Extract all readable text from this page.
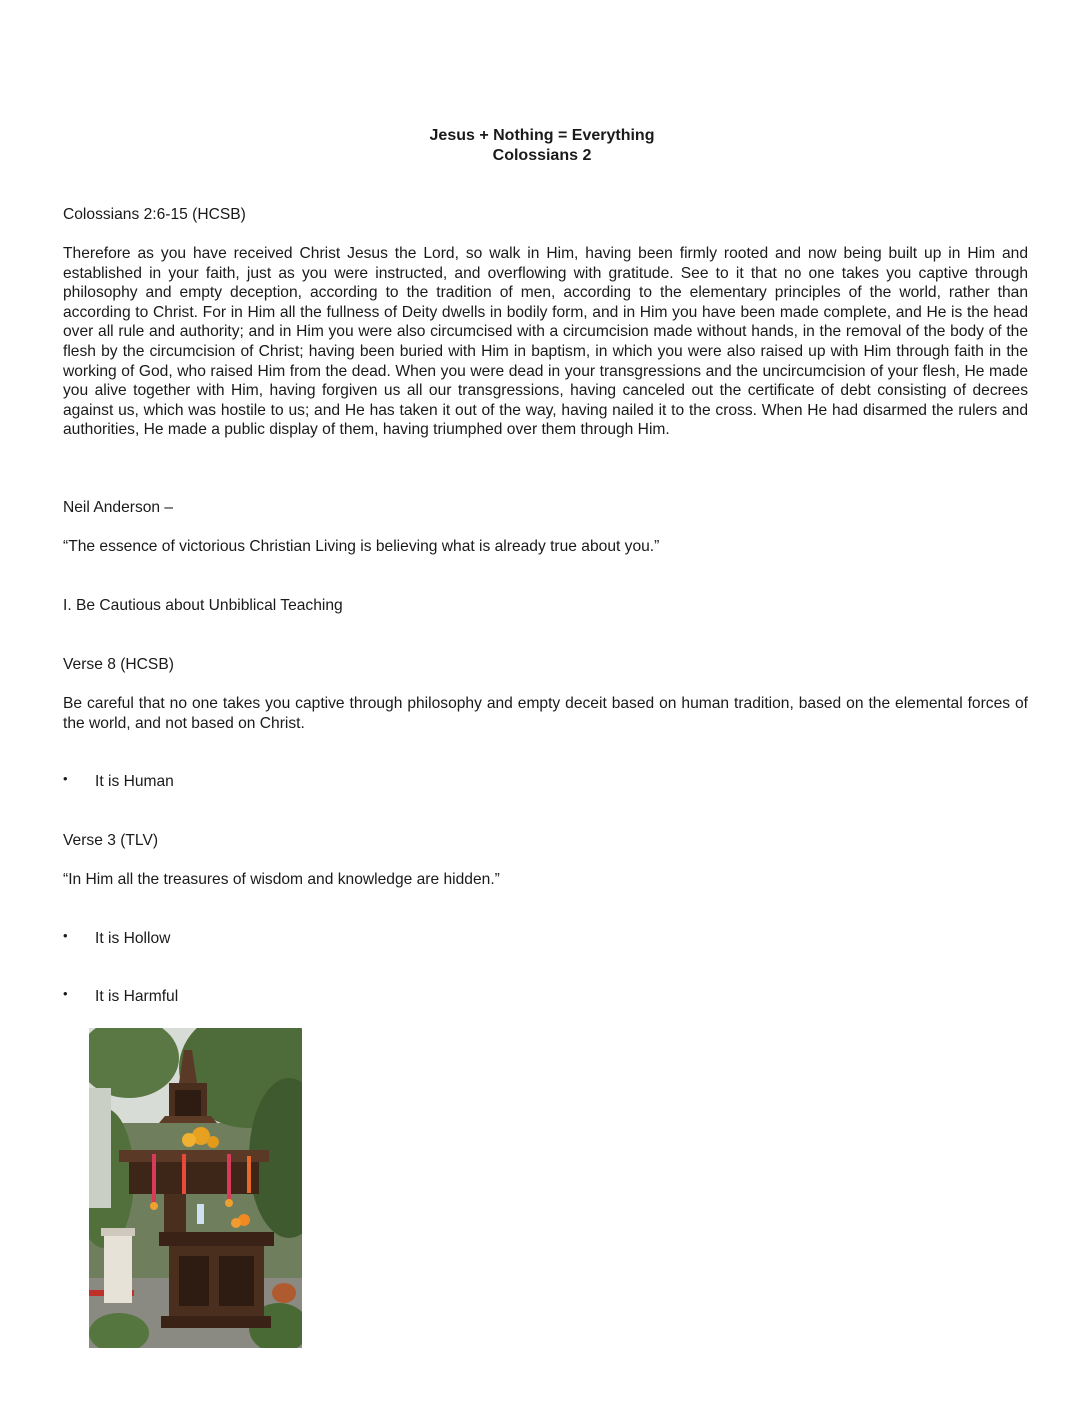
Jesus + Nothing = Everything
Colossians 2
Colossians 2:6-15 (HCSB)
Therefore as you have received Christ Jesus the Lord, so walk in Him, having been firmly rooted and now being built up in Him and established in your faith, just as you were instructed, and overflowing with gratitude. See to it that no one takes you captive through philosophy and empty deception, according to the tradition of men, according to the elementary principles of the world, rather than according to Christ. For in Him all the fullness of Deity dwells in bodily form, and in Him you have been made complete, and He is the head over all rule and authority; and in Him you were also circumcised with a circumcision made without hands, in the removal of the body of the flesh by the circumcision of Christ; having been buried with Him in baptism, in which you were also raised up with Him through faith in the working of God, who raised Him from the dead. When you were dead in your transgressions and the uncircumcision of your flesh, He made you alive together with Him, having forgiven us all our transgressions, having canceled out the certificate of debt consisting of decrees against us, which was hostile to us; and He has taken it out of the way, having nailed it to the cross. When He had disarmed the rulers and authorities, He made a public display of them, having triumphed over them through Him.
Neil Anderson –
“The essence of victorious Christian Living is believing what is already true about you.”
I. Be Cautious about Unbiblical Teaching
Verse 8 (HCSB)
Be careful that no one takes you captive through philosophy and empty deceit based on human tradition, based on the elemental forces of the world, and not based on Christ.
• It is Human
Verse 3 (TLV)
“In Him all the treasures of wisdom and knowledge are hidden.”
• It is Hollow
• It is Harmful
